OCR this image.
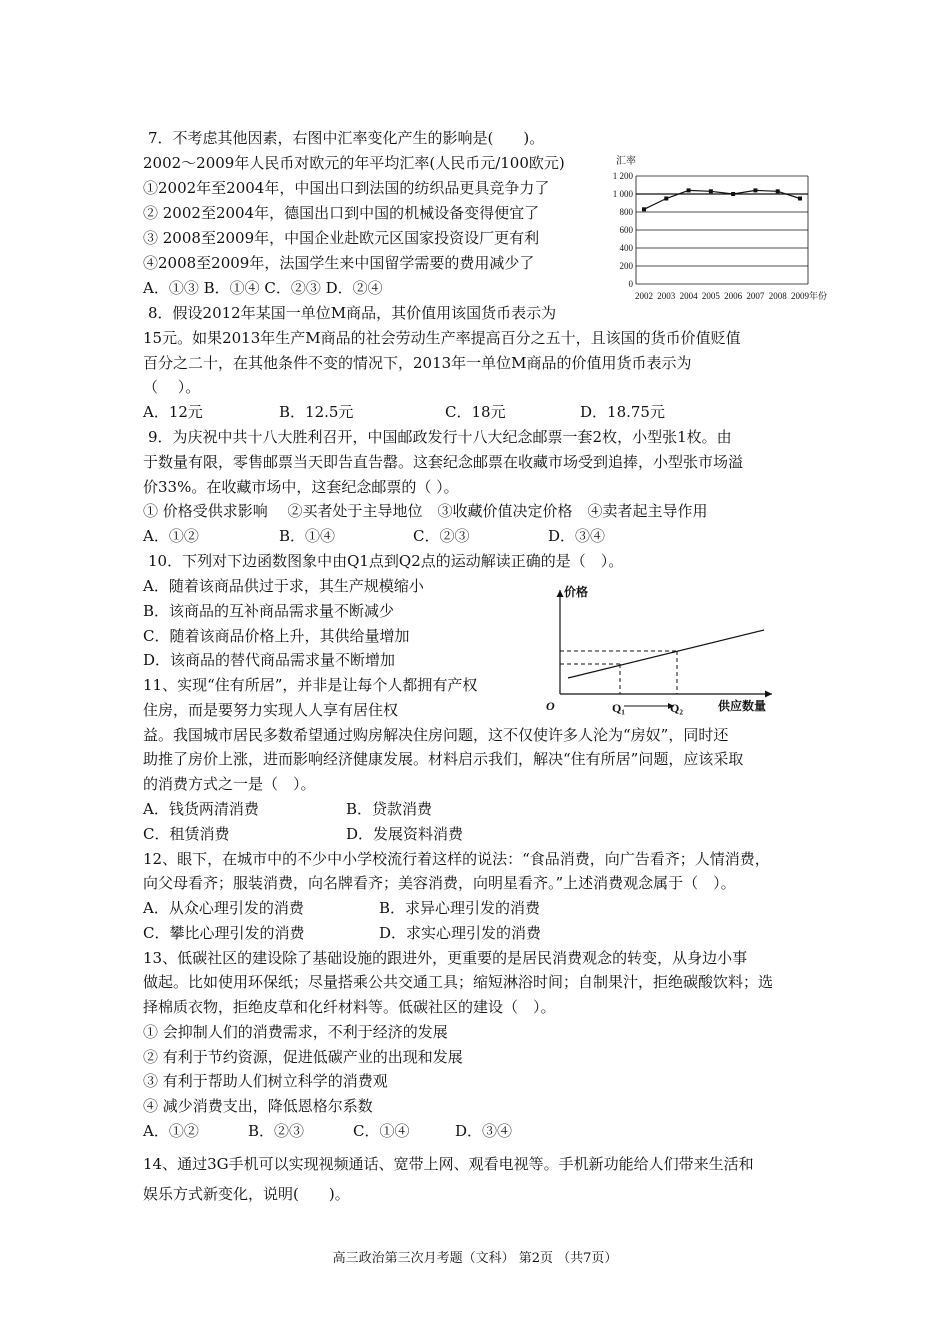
7．不考虑其他因素，右图中汇率变化产生的影响是(　　)。
2002～2009年人民币对欧元的年平均汇率(人民币元/100欧元)
①2002年至2004年，中国出口到法国的纺织品更具竞争力了
② 2002至2004年，德国出口到中国的机械设备变得便宜了
③ 2008至2009年，中国企业赴欧元区国家投资设厂更有利
④2008至2009年，法国学生来中国留学需要的费用减少了
A．①③ B．①④ C．②③ D．②④
汇率
0
200
400
600
800
1 000
1 200
2002 2003 2004 2005 2006 2007 2008 2009年份
8．假设2012年某国一单位M商品，其价值用该国货币表示为
15元。如果2013年生产M商品的社会劳动生产率提高百分之五十，且该国的货币价值贬值
百分之二十，在其他条件不变的情况下，2013年一单位M商品的价值用货币表示为
（　 ）。
A．12元	B．12.5元	C．18元	D．18.75元
9．为庆祝中共十八大胜利召开，中国邮政发行十八大纪念邮票一套2枚，小型张1枚。由
于数量有限，零售邮票当天即告直告罄。这套纪念邮票在收藏市场受到追捧，小型张市场溢
价33%。在收藏市场中，这套纪念邮票的（ ）。
① 价格受供求影响　 ②买者处于主导地位　③收藏价值决定价格　④卖者起主导作用
A．①②	B．①④	C．②③	D．③④
10．下列对下边函数图象中由Q1点到Q2点的运动解读正确的是（　）。
A．随着该商品供过于求，其生产规模缩小
B．该商品的互补商品需求量不断减少
C．随着该商品价格上升，其供给量增加
D．该商品的替代商品需求量不断增加
价格
供应数量
O	Q₁	Q₂
11、实现“住有所居”，并非是让每个人都拥有产权
住房，而是要努力实现人人享有居住权
益。我国城市居民多数希望通过购房解决住房问题，这不仅使许多人沦为“房奴”，同时还
助推了房价上涨，进而影响经济健康发展。材料启示我们，解决“住有所居”问题，应该采取
的消费方式之一是（　）。
A．钱货两清消费	B．贷款消费
C．租赁消费	D．发展资料消费
12、眼下，在城市中的不少中小学校流行着这样的说法：“食品消费，向广告看齐；人情消费，
向父母看齐；服装消费，向名牌看齐；美容消费，向明星看齐。”上述消费观念属于（　）。
A．从众心理引发的消费	B．求异心理引发的消费
C．攀比心理引发的消费	D．求实心理引发的消费
13、低碳社区的建设除了基础设施的跟进外，更重要的是居民消费观念的转变，从身边小事
做起。比如使用环保纸；尽量搭乘公共交通工具；缩短淋浴时间；自制果汁，拒绝碳酸饮料；选
择棉质衣物，拒绝皮草和化纤材料等。低碳社区的建设（　）。
① 会抑制人们的消费需求，不利于经济的发展
② 有利于节约资源，促进低碳产业的出现和发展
③ 有利于帮助人们树立科学的消费观
④ 减少消费支出，降低恩格尔系数
A．①②	B．②③	C．①④	D．③④
14、通过3G手机可以实现视频通话、宽带上网、观看电视等。手机新功能给人们带来生活和
娱乐方式新变化，说明(　　)。
高三政治第三次月考题（文科） 第2页 （共7页）
